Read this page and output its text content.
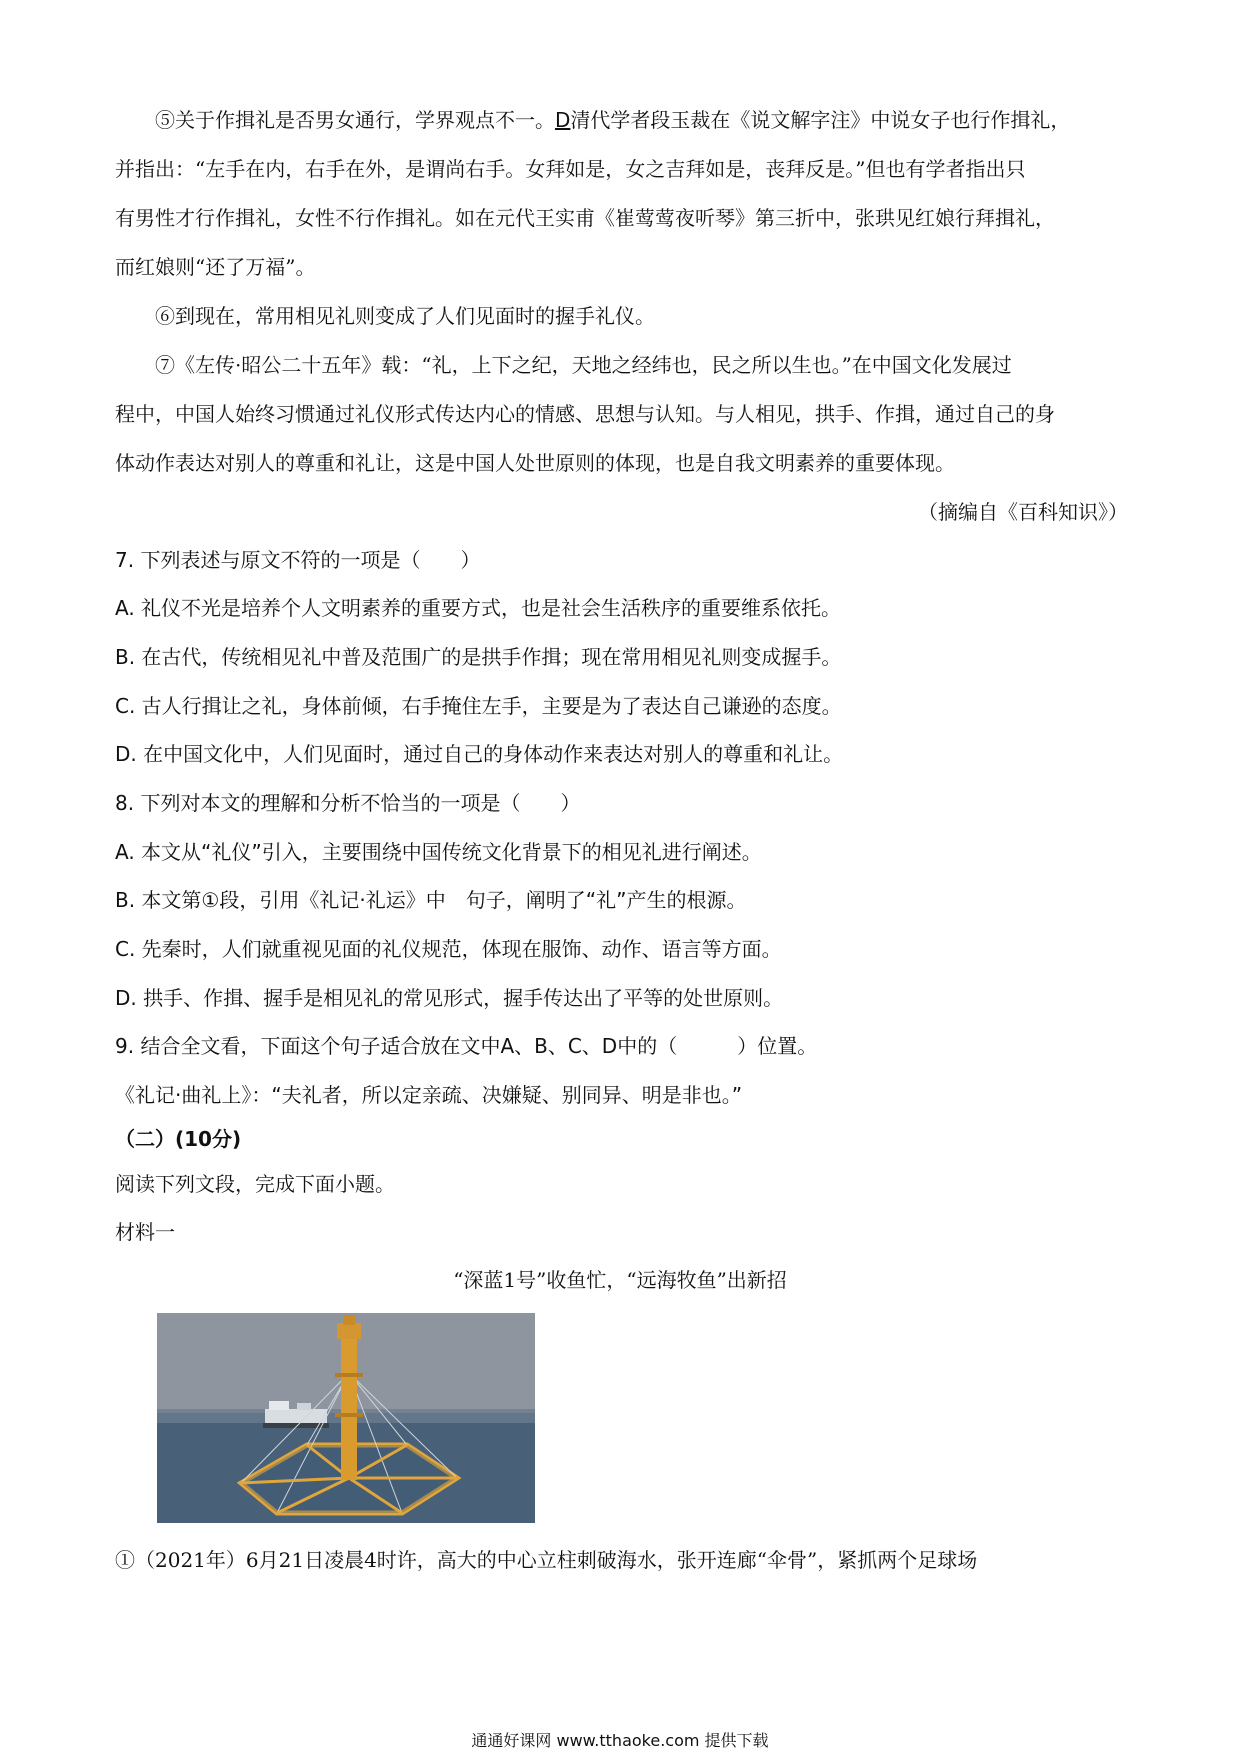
⑤关于作揖礼是否男女通行，学界观点不一。D清代学者段玉裁在《说文解字注》中说女子也行作揖礼，
并指出：“左手在内，右手在外，是谓尚右手。女拜如是，女之吉拜如是，丧拜反是。”但也有学者指出只
有男性才行作揖礼，女性不行作揖礼。如在元代王实甫《崔莺莺夜听琴》第三折中，张珙见红娘行拜揖礼，
而红娘则“还了万福”。
⑥到现在，常用相见礼则变成了人们见面时的握手礼仪。
⑦《左传·昭公二十五年》载：“礼，上下之纪，天地之经纬也，民之所以生也。”在中国文化发展过
程中，中国人始终习惯通过礼仪形式传达内心的情感、思想与认知。与人相见，拱手、作揖，通过自己的身
体动作表达对别人的尊重和礼让，这是中国人处世原则的体现，也是自我文明素养的重要体现。
（摘编自《百科知识》）
7. 下列表述与原文不符的一项是（　　）
A. 礼仪不光是培养个人文明素养的重要方式，也是社会生活秩序的重要维系依托。
B. 在古代，传统相见礼中普及范围广的是拱手作揖；现在常用相见礼则变成握手。
C. 古人行揖让之礼，身体前倾，右手掩住左手，主要是为了表达自己谦逊的态度。
D. 在中国文化中，人们见面时，通过自己的身体动作来表达对别人的尊重和礼让。
8. 下列对本文的理解和分析不恰当的一项是（　　）
A. 本文从“礼仪”引入，主要围绕中国传统文化背景下的相见礼进行阐述。
B. 本文第①段，引用《礼记·礼运》中　句子，阐明了“礼”产生的根源。
C. 先秦时，人们就重视见面的礼仪规范，体现在服饰、动作、语言等方面。
D. 拱手、作揖、握手是相见礼的常见形式，握手传达出了平等的处世原则。
9. 结合全文看，下面这个句子适合放在文中A、B、C、D中的（　　　）位置。
《礼记·曲礼上》：“夫礼者，所以定亲疏、决嫌疑、别同异、明是非也。”
（二）(10分)
阅读下列文段，完成下面小题。
材料一
“深蓝1号”收鱼忙，“远海牧鱼”出新招
①（2021年）6月21日凌晨4时许，高大的中心立柱刺破海水，张开连廊“伞骨”，紧抓两个足球场
通通好课网 www.tthaoke.com 提供下载
